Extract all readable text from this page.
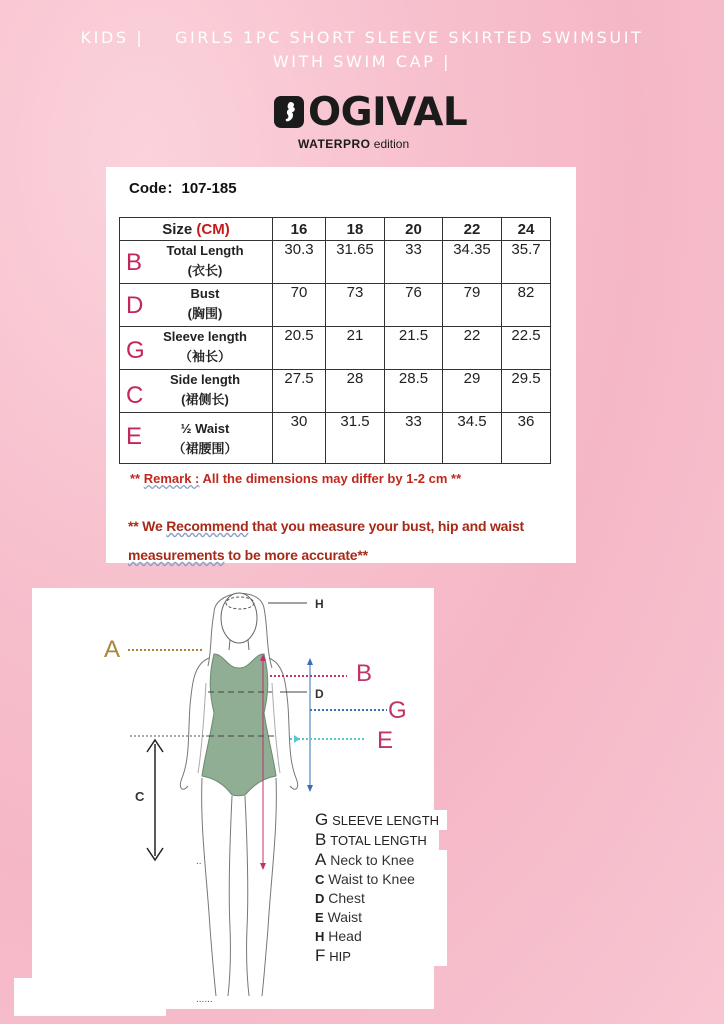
KIDS |    GIRLS 1PC SHORT SLEEVE SKIRTED SWIMSUIT
WITH SWIM CAP |
OGIVAL
WATERPRO edition
Code：107-185
Size (CM)	16	18	20	22	24

B Total Length
(衣长)	30.3	31.65	33	34.35	35.7

D Bust
(胸围)	70	73	76	79	82

G
Sleeve length
（袖长）	20.5	21	21.5	22	22.5

C
Side length
(裙侧长)	27.5	28	28.5	29	29.5

E ½ Waist
（裙腰围）	30	31.5	33	34.5	36
** Remark : All the dimensions may differ by 1-2 cm **
** We Recommend that you measure your bust, hip and waist measurements to be more accurate**
H
D
C
..
......
A
B
G
E
G SLEEVE LENGTH
B TOTAL LENGTH
A Neck to Knee
C Waist to Knee
D Chest
E Waist
H Head
F HIP
